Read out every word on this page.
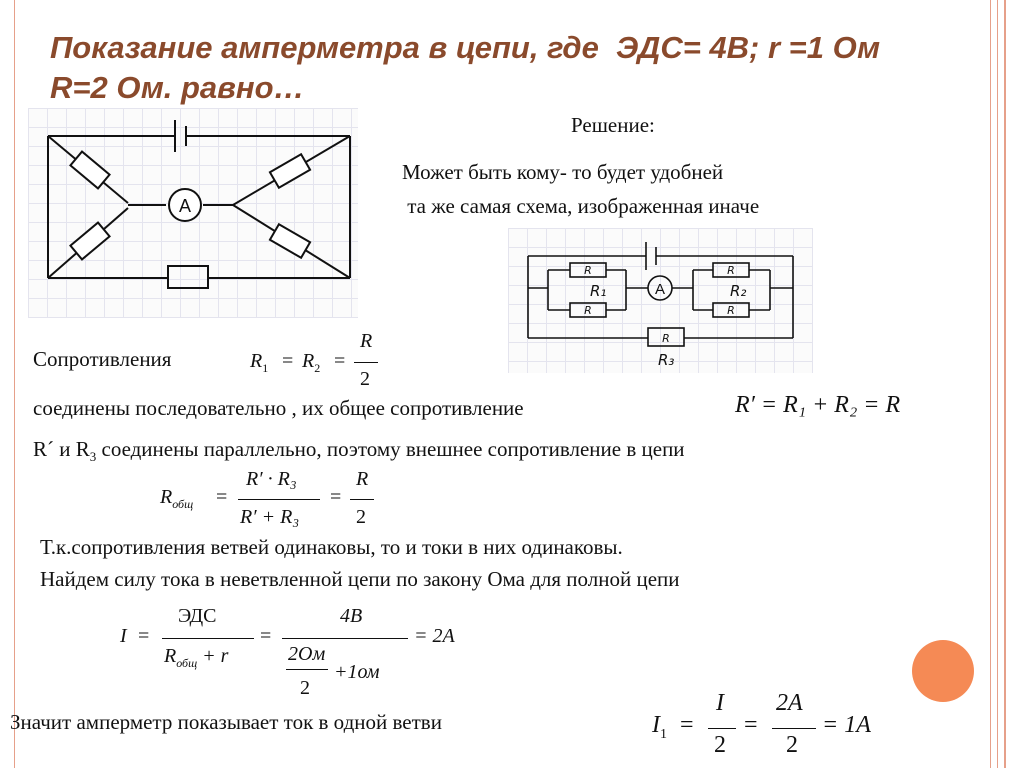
Показание амперметра в цепи, где  ЭДС= 4В; r =1 Ом
R=2 Ом. равно…
A
Решение:
Может быть кому- то будет удобней
та же самая схема, изображенная иначе
R
R
R
R
R
R₁	R₂
R₃
A
Сопротивления	$R_1 = R_2$ =
R
2
соединены последовательно , их общее сопротивление	R′ = R₁ + R₂ = R
R´ и $R_3$ соединены параллельно, поэтому внешнее сопротивление в цепи
$R_{общ}$ =
R′ · R₃
R′ + R₃
=
R
2
Т.к.сопротивления ветвей одинаковы, то и токи в них одинаковы.
Найдем силу тока в неветвленной цепи по закону Ома для полной цепи
I =
ЭДС
$R_{общ} + r$
=
4В
2Ом
2
+1ом
= 2A
Значит амперметр показывает ток в одной ветви	$I_1$ =
I
2
=
2A
2
= 1A
